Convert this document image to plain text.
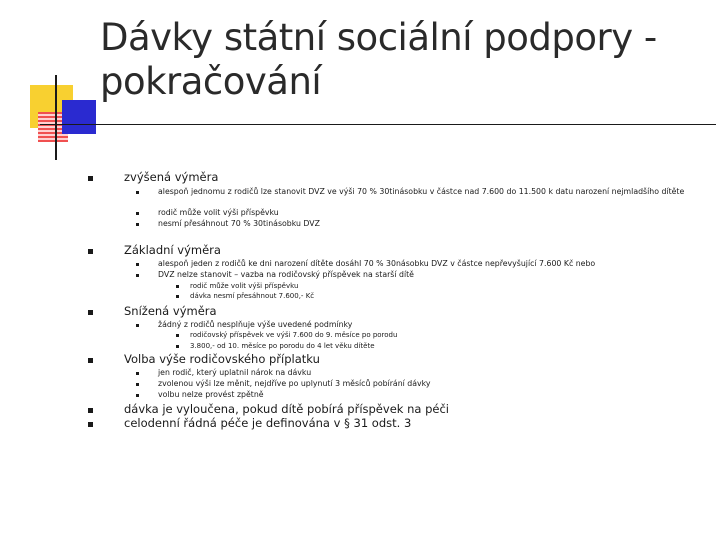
Dávky státní sociální podpory -
pokračování
zvýšená výměra
alespoň jednomu z rodičů lze stanovit DVZ ve výši 70 % 30tinásobku v částce nad 7.600 do 11.500 k datu narození nejmladšího dítěte
rodič může volit výši příspěvku
nesmí přesáhnout 70 % 30tinásobku DVZ
Základní výměra
alespoň jeden z rodičů ke dni narození dítěte dosáhl 70 % 30násobku DVZ v částce nepřevyšující 7.600 Kč nebo
DVZ nelze stanovit – vazba na rodičovský příspěvek na starší dítě
rodič může volit výši příspěvku
dávka nesmí přesáhnout 7.600,- Kč
Snížená výměra
žádný z rodičů nesplňuje výše uvedené podmínky
rodičovský příspěvek ve výši 7.600 do 9. měsíce po porodu
3.800,- od 10. měsíce po porodu do 4 let věku dítěte
Volba výše rodičovského příplatku
jen rodič, který uplatnil nárok na dávku
zvolenou výši lze měnit, nejdříve po uplynutí 3 měsíců pobírání dávky
volbu nelze provést zpětně
dávka je vyloučena, pokud dítě pobírá příspěvek na péči
celodenní řádná péče je definována v § 31 odst. 3
